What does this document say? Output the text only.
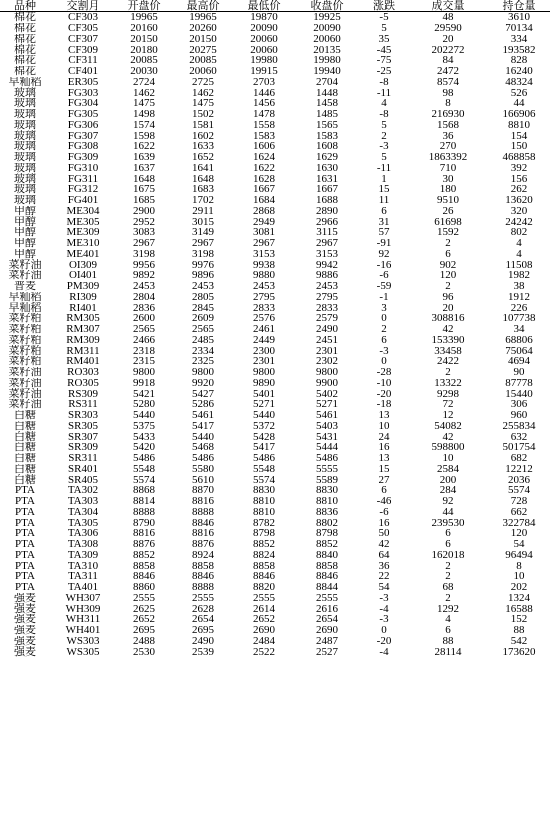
品种	交割月	开盘价	最高价	最低价	收盘价	涨跌	成交量	持仓量
棉花	CF303	19965	19965	19870	19925	-5	48	3610
棉花	CF305	20160	20260	20090	20090	5	29590	70134
棉花	CF307	20150	20150	20060	20060	35	20	334
棉花	CF309	20180	20275	20060	20135	-45	202272	193582
棉花	CF311	20085	20085	19980	19980	-75	84	828
棉花	CF401	20030	20060	19915	19940	-25	2472	16240
早籼稻	ER305	2724	2725	2703	2704	-8	8574	48324
玻璃	FG303	1462	1462	1446	1448	-11	98	526
玻璃	FG304	1475	1475	1456	1458	4	8	44
玻璃	FG305	1498	1502	1478	1485	-8	216930	166906
玻璃	FG306	1574	1581	1558	1565	5	1568	8810
玻璃	FG307	1598	1602	1583	1583	2	36	154
玻璃	FG308	1622	1633	1606	1608	-3	270	150
玻璃	FG309	1639	1652	1624	1629	5	1863392	468858
玻璃	FG310	1637	1641	1622	1630	-11	710	392
玻璃	FG311	1648	1648	1628	1631	1	30	156
玻璃	FG312	1675	1683	1667	1667	15	180	262
玻璃	FG401	1685	1702	1684	1688	11	9510	13620
甲醇	ME304	2900	2911	2868	2890	6	26	320
甲醇	ME305	2952	3015	2949	2966	31	61698	24242
甲醇	ME309	3083	3149	3081	3115	57	1592	802
甲醇	ME310	2967	2967	2967	2967	-91	2	4
甲醇	ME401	3198	3198	3153	3153	92	6	4
菜籽油	OI309	9956	9976	9938	9942	-16	902	11508
菜籽油	OI401	9892	9896	9880	9886	-6	120	1982
普麦	PM309	2453	2453	2453	2453	-59	2	38
早籼稻	RI309	2804	2805	2795	2795	-1	96	1912
早籼稻	RI401	2836	2845	2833	2833	3	20	226
菜籽粕	RM305	2600	2609	2576	2579	0	308816	107738
菜籽粕	RM307	2565	2565	2461	2490	2	42	34
菜籽粕	RM309	2466	2485	2449	2451	6	153390	68806
菜籽粕	RM311	2318	2334	2300	2301	-3	33458	75064
菜籽粕	RM401	2315	2325	2301	2302	0	2422	4694
菜籽油	RO303	9800	9800	9800	9800	-28	2	90
菜籽油	RO305	9918	9920	9890	9900	-10	13322	87778
菜籽油	RS309	5421	5427	5401	5402	-20	9298	15440
菜籽油	RS311	5280	5286	5271	5271	-18	72	306
白糖	SR303	5440	5461	5440	5461	13	12	960
白糖	SR305	5375	5417	5372	5403	10	54082	255834
白糖	SR307	5433	5440	5428	5431	24	42	632
白糖	SR309	5420	5468	5417	5444	16	598800	501754
白糖	SR311	5486	5486	5486	5486	13	10	682
白糖	SR401	5548	5580	5548	5555	15	2584	12212
白糖	SR405	5574	5610	5574	5589	27	200	2036
PTA	TA302	8868	8870	8830	8830	6	284	5574
PTA	TA303	8814	8816	8810	8810	-46	92	728
PTA	TA304	8888	8888	8810	8836	-6	44	662
PTA	TA305	8790	8846	8782	8802	16	239530	322784
PTA	TA306	8816	8816	8798	8798	50	6	120
PTA	TA308	8876	8876	8852	8852	42	6	54
PTA	TA309	8852	8924	8824	8840	64	162018	96494
PTA	TA310	8858	8858	8858	8858	36	2	8
PTA	TA311	8846	8846	8846	8846	22	2	10
PTA	TA401	8860	8888	8820	8844	54	68	202
强麦	WH307	2555	2555	2555	2555	-3	2	1324
强麦	WH309	2625	2628	2614	2616	-4	1292	16588
强麦	WH311	2652	2654	2652	2654	-3	4	152
强麦	WH401	2695	2695	2690	2690	0	6	88
强麦	WS303	2488	2490	2484	2487	-20	88	542
强麦	WS305	2530	2539	2522	2527	-4	28114	173620
